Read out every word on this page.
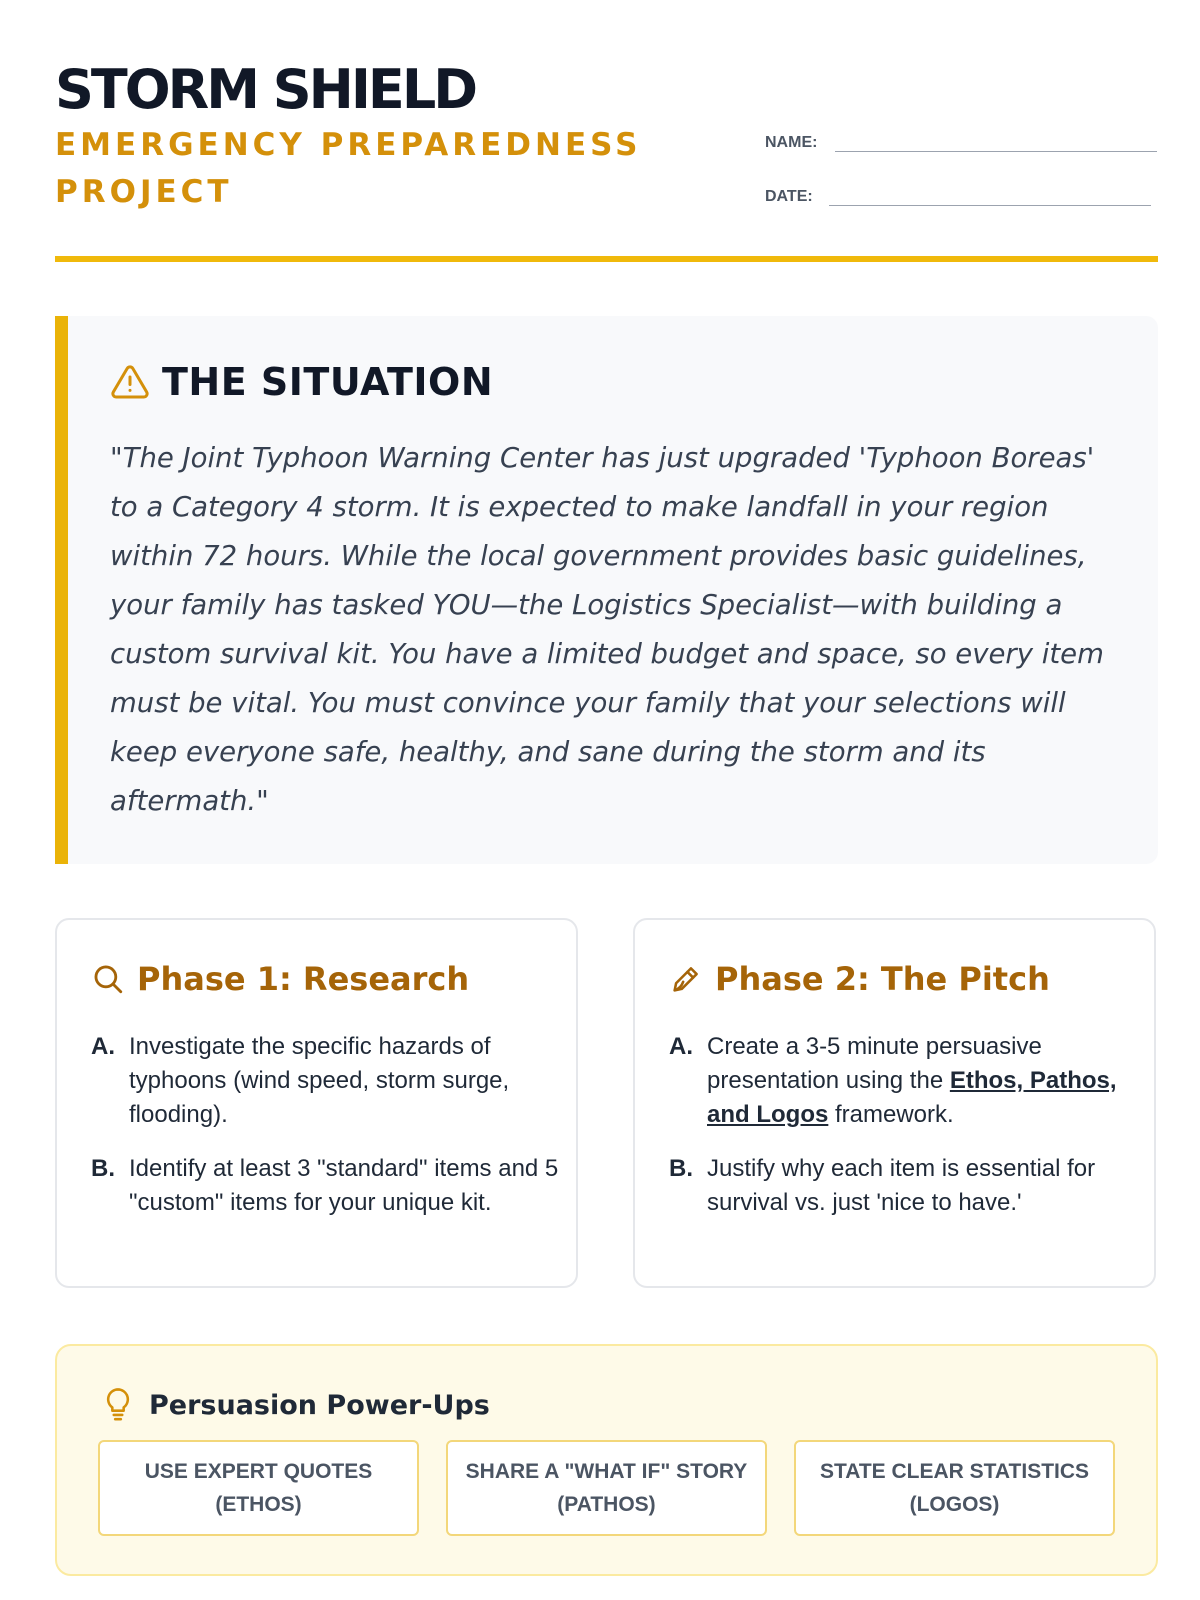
STORM SHIELD
EMERGENCY PREPAREDNESS PROJECT
NAME:
DATE:
THE SITUATION

"The Joint Typhoon Warning Center has just upgraded 'Typhoon Boreas' to a Category 4 storm. It is expected to make landfall in your region within 72 hours. While the local government provides basic guidelines, your family has tasked YOU—the Logistics Specialist—with building a custom survival kit. You have a limited budget and space, so every item must be vital. You must convince your family that your selections will keep everyone safe, healthy, and sane during the storm and its aftermath."

Phase 1: Research
A. Investigate the specific hazards of typhoons (wind speed, storm surge, flooding).
B. Identify at least 3 "standard" items and 5 "custom" items for your unique kit.
Phase 2: The Pitch
A. Create a 3-5 minute persuasive presentation using the Ethos, Pathos, and Logos framework.
B. Justify why each item is essential for survival vs. just 'nice to have.'
Persuasion Power-Ups
USE EXPERT QUOTES
(ETHOS)
SHARE A "WHAT IF" STORY
(PATHOS)
STATE CLEAR STATISTICS
(LOGOS)
